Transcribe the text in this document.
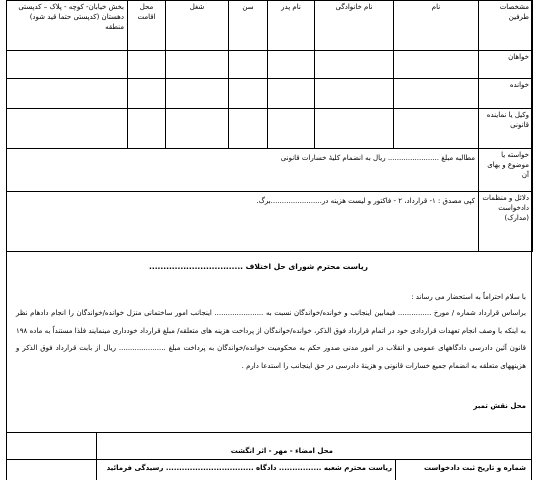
مشخصات طرفین	نام	نام خانوادگی	نام پدر	سن	شغل	محل اقامت	بخش خیابان- کوچه - پلاک – کدپستی دهستان (کدپستی حتما قید شود) منطقه
خواهان							
خوانده							
وکیل یا نماینده قانونی							
خواسته یا موضوع و بهای آن	مطالبه مبلغ ....................... ریال به انضمام کلیهٔ خسارات قانونی						
دلائل و منظمات دادخواست (مدارک)	کپی مصدق : ۱- قرارداد، ۲ - فاکتور و لیست هزینه در.......................برگ.						
ریاست محترم شورای حل اختلاف .................................
با سلام احتراماً به استحضار می رساند :
براساس قرارداد شماره / مورخ ............... فیمابین اینجانب و خوانده/خواندگان نسبت به ...................... اینجانب امور ساختمانی منزل خوانده/خواندگان را انجام دادهام نظر به اینکه با وصف انجام تعهدات قراردادی خود در اتمام قرارداد فوق الذکر، خوانده/خواندگان از پرداخت هزینه های متعلقه/ مبلغ قرارداد خودداری مینمایند فلذا مستنداً به ماده ۱۹۸ قانون آئین دادرسی دادگاههای عمومی و انقلاب در امور مدنی صدور حکم به محکومیت خوانده/خواندگان به پرداخت مبلغ ..................... ریال از بابت قرارداد فوق الذکر و هزینههای متعلقه به انضمام جمیع خسارات قانونی و هزینهٔ دادرسی در حق اینجانب را استدعا دارم .
محل نقش تمبر
محل امضاء - مهر - اثر انگشت
شماره و تاریخ ثبت دادخواست
ریاست محترم شعبه ................ دادگاه ................................. رسیدگی فرمائید
